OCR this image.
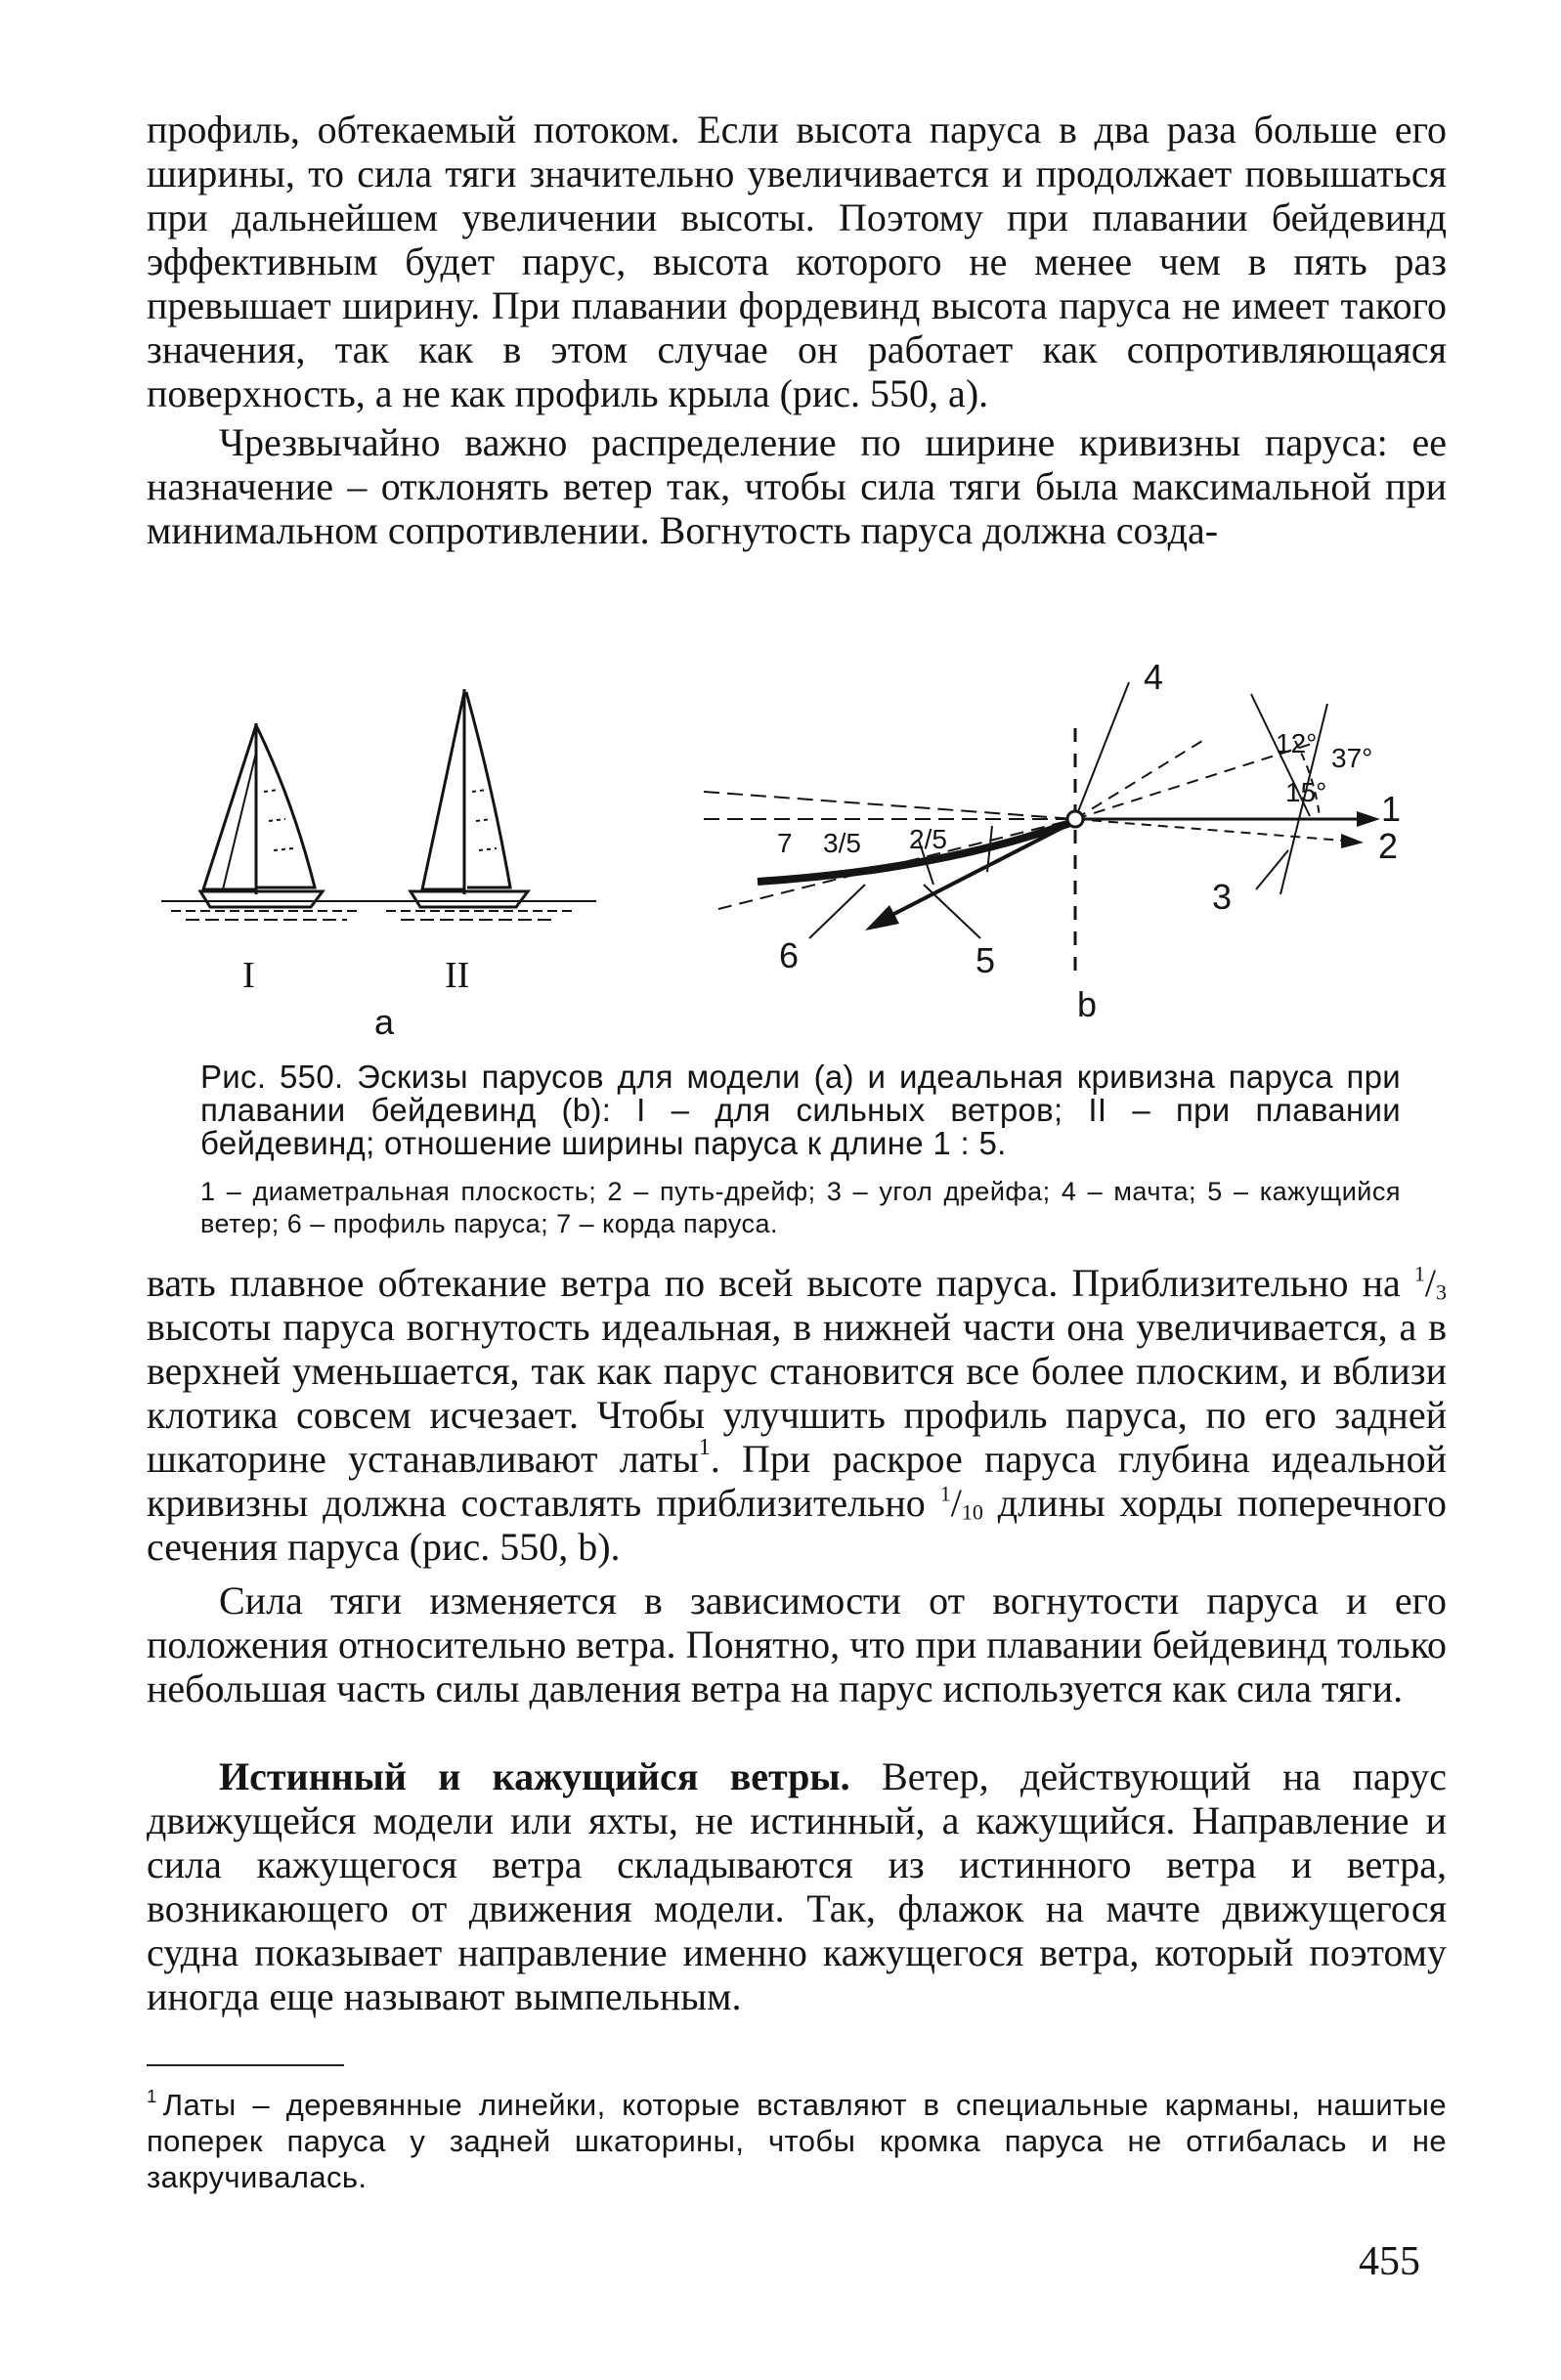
профиль, обтекаемый потоком. Если высота паруса в два раза больше его ширины, то сила тяги значительно увеличивается и продолжает повышаться при дальнейшем увеличении высоты. Поэтому при плавании бейдевинд эффективным будет парус, высота которого не менее чем в пять раз превышает ширину. При плавании фордевинд высота паруса не имеет такого значения, так как в этом случае он работает как сопротивляющаяся поверхность, а не как профиль крыла (рис. 550, а).

Чрезвычайно важно распределение по ширине кривизны паруса: ее назначение – отклонять ветер так, чтобы сила тяги была максимальной при минимальном сопротивлении. Вогнутость паруса должна созда-

I	II
а
7 3/5 2/5
6	5
4
3
1
2
12°
15°
37°
b

Рис. 550. Эскизы парусов для модели (а) и идеальная кривизна паруса при плавании бейдевинд (b): I – для сильных ветров; II – при плавании бейдевинд; отношение ширины паруса к длине 1 : 5.

1 – диаметральная плоскость; 2 – путь-дрейф; 3 – угол дрейфа; 4 – мачта; 5 – кажущийся ветер; 6 – профиль паруса; 7 – корда паруса.

вать плавное обтекание ветра по всей высоте паруса. Приблизительно на $^1/_3$ высоты паруса вогнутость идеальная, в нижней части она увеличивается, а в верхней уменьшается, так как парус становится все более плоским, и вблизи клотика совсем исчезает. Чтобы улучшить профиль паруса, по его задней шкаторине устанавливают латы$^1$. При раскрое паруса глубина идеальной кривизны должна составлять приблизительно $^1/_{10}$ длины хорды поперечного сечения паруса (рис. 550, b).

Сила тяги изменяется в зависимости от вогнутости паруса и его положения относительно ветра. Понятно, что при плавании бейдевинд только небольшая часть силы давления ветра на парус используется как сила тяги.

Истинный и кажущийся ветры. Ветер, действующий на парус движущейся модели или яхты, не истинный, а кажущийся. Направление и сила кажущегося ветра складываются из истинного ветра и ветра, возникающего от движения модели. Так, флажок на мачте движущегося судна показывает направление именно кажущегося ветра, который поэтому иногда еще называют вымпельным.

$^1$ Латы – деревянные линейки, которые вставляют в специальные карманы, нашитые поперек паруса у задней шкаторины, чтобы кромка паруса не отгибалась и не закручивалась.
455
